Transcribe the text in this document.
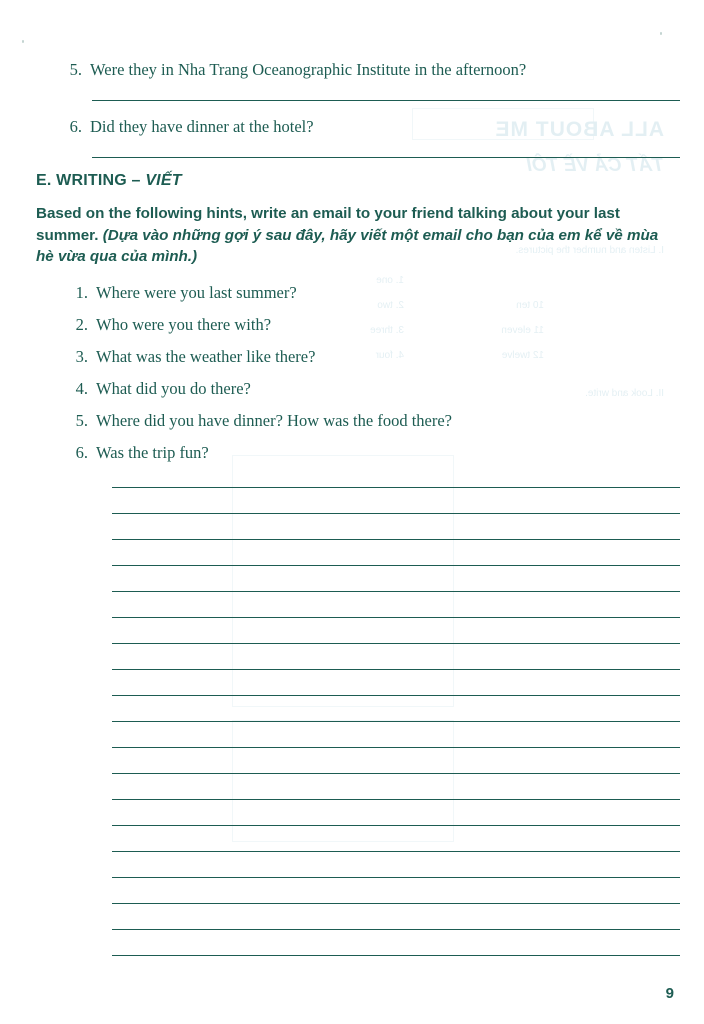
ALL ABOUT ME
TẤT CẢ VỀ TÔI
I. Listen and number the pictures.
1. one
2. two
3. three
4. four
10 ten
11 eleven
12 twelve
II. Look and write.
5. Were they in Nha Trang Oceanographic Institute in the afternoon?
6. Did they have dinner at the hotel?
E. WRITING – VIẾT
Based on the following hints, write an email to your friend talking about your last summer. (Dựa vào những gợi ý sau đây, hãy viết một email cho bạn của em kể về mùa hè vừa qua của mình.)
1. Where were you last summer?
2. Who were you there with?
3. What was the weather like there?
4. What did you do there?
5. Where did you have dinner? How was the food there?
6. Was the trip fun?
9
